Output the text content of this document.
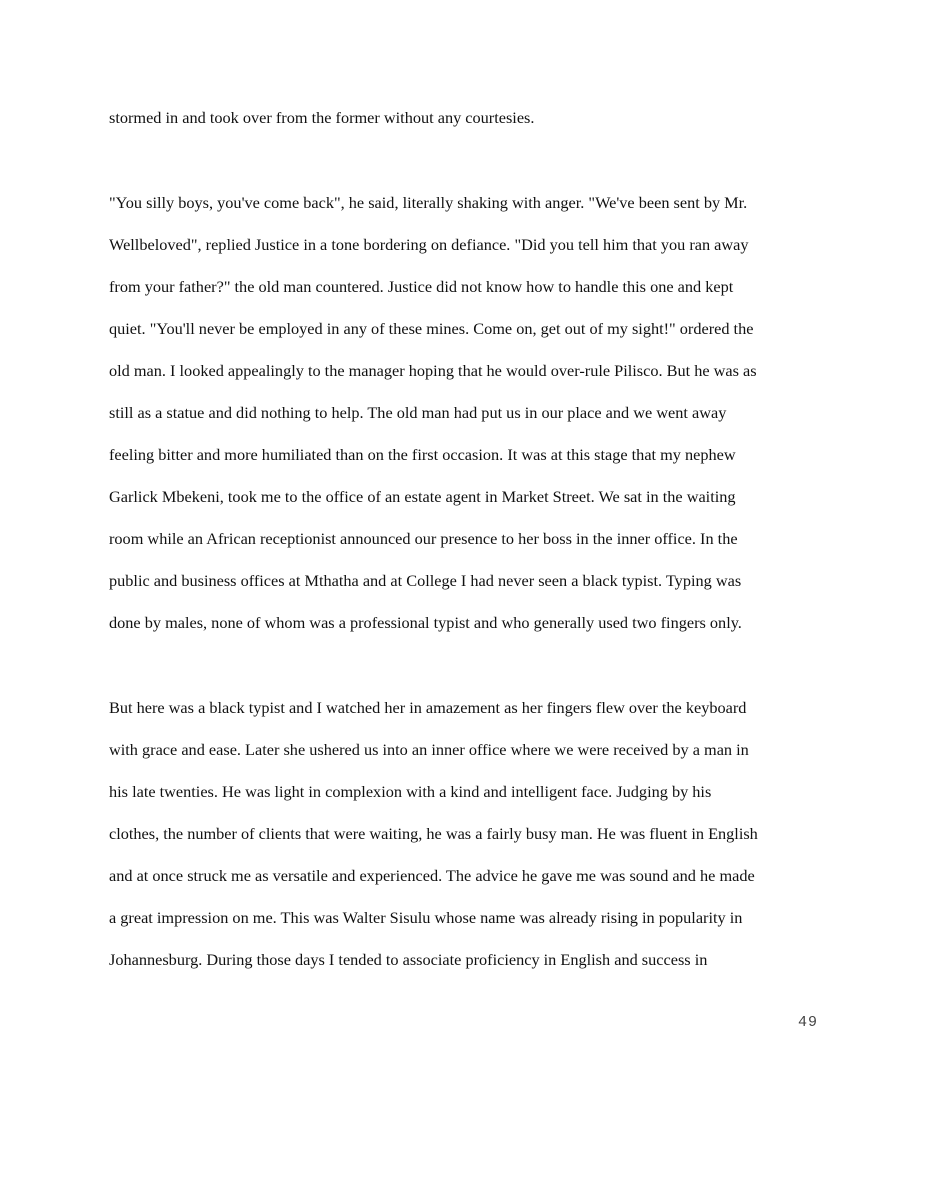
stormed in and took over from the former without any courtesies.
"You silly boys, you've come back", he said, literally shaking with anger. "We've been sent by Mr.
Wellbeloved", replied Justice in a tone bordering on defiance. "Did you tell him that you ran away
from your father?" the old man countered. Justice did not know how to handle this one and kept
quiet. "You'll never be employed in any of these mines. Come on, get out of my sight!" ordered the
old man. I looked appealingly to the manager hoping that he would over-rule Pilisco. But he was as
still as a statue and did nothing to help. The old man had put us in our place and we went away
feeling bitter and more humiliated than on the first occasion. It was at this stage that my nephew
Garlick Mbekeni, took me to the office of an estate agent in Market Street. We sat in the waiting
room while an African receptionist announced our presence to her boss in the inner office. In the
public and business offices at Mthatha and at College I had never seen a black typist. Typing was
done by males, none of whom was a professional typist and who generally used two fingers only.
But here was a black typist and I watched her in amazement as her fingers flew over the keyboard
with grace and ease. Later she ushered us into an inner office where we were received by a man in
his late twenties. He was light in complexion with a kind and intelligent face. Judging by his
clothes, the number of clients that were waiting, he was a fairly busy man. He was fluent in English
and at once struck me as versatile and experienced. The advice he gave me was sound and he made
a great impression on me. This was Walter Sisulu whose name was already rising in popularity in
Johannesburg. During those days I tended to associate proficiency in English and success in
49
